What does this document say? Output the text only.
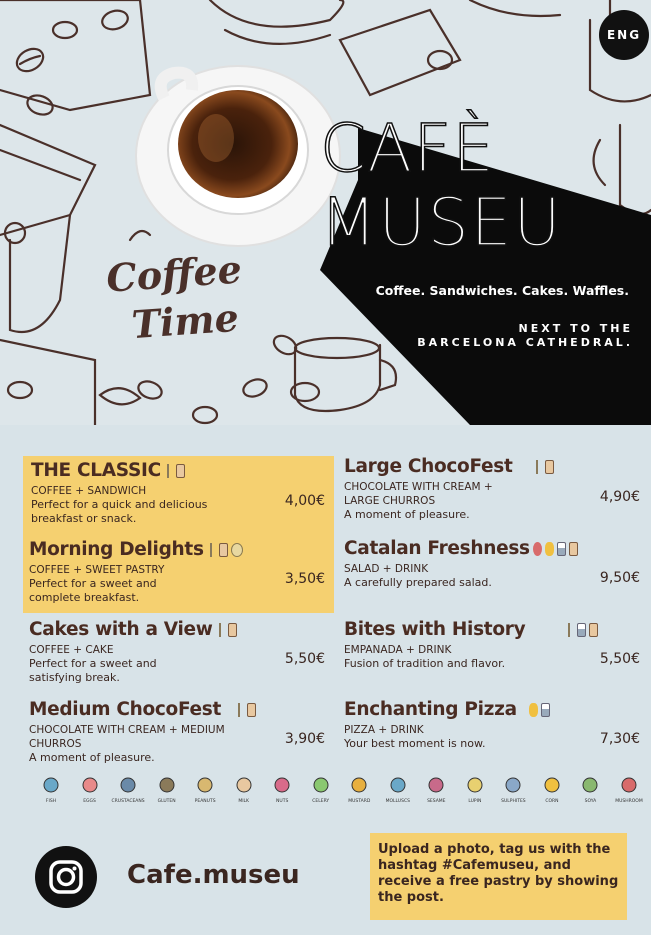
Coffee
Time
ENG
CAFÈ
MUSEU
Coffee. Sandwiches. Cakes. Waffles.
NEXT TO THE
BARCELONA CATHEDRAL.
THE CLASSIC
COFFEE + SANDWICH
Perfect for a quick and delicious breakfast or snack.
4,00€
Morning Delights
COFFEE + SWEET PASTRY
Perfect for a sweet and complete breakfast.
3,50€
Cakes with a View
COFFEE + CAKE
Perfect for a sweet and satisfying break.
5,50€
Medium ChocoFest
CHOCOLATE WITH CREAM + MEDIUM CHURROS
A moment of pleasure.
3,90€
Large ChocoFest
CHOCOLATE WITH CREAM + LARGE CHURROS
A moment of pleasure.
4,90€
Catalan Freshness
SALAD + DRINK
A carefully prepared salad.	9,50€
Bites with History
EMPANADA + DRINK
Fusion of tradition and flavor.	5,50€
Enchanting Pizza
PIZZA + DRINK
Your best moment is now.	7,30€
FISH	EGGS	CRUSTACEANS	GLUTEN	PEANUTS	MILK	NUTS	CELERY	MUSTARD	MOLLUSCS	SESAME	LUPIN	SULPHITES	CORN	SOYA	MUSHROOM
Cafe.museu
Upload a photo, tag us with the hashtag #Cafemuseu, and receive a free pastry by showing the post.
